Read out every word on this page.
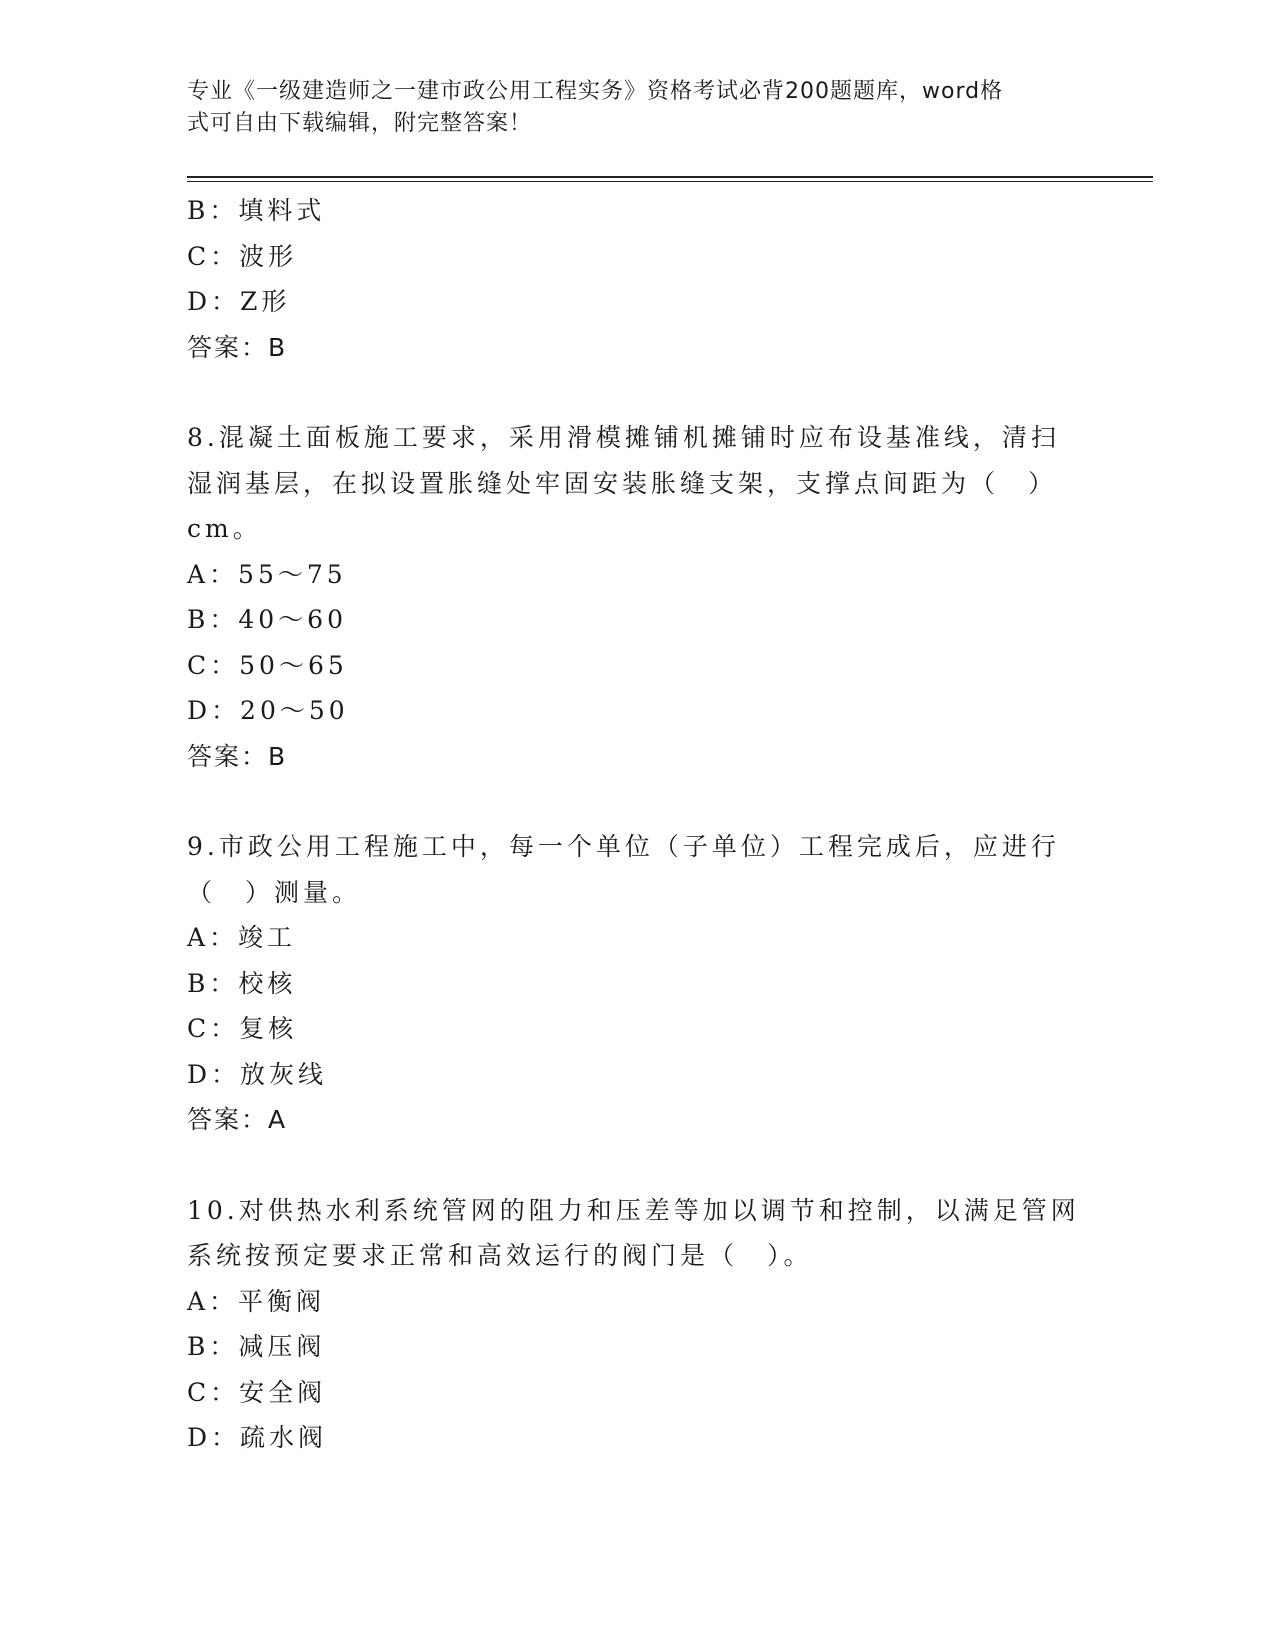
专业《一级建造师之一建市政公用工程实务》资格考试必背200题题库，word格
式可自由下载编辑，附完整答案！
B：填料式
C：波形
D：Z形
答案：B
8.混凝土面板施工要求，采用滑模摊铺机摊铺时应布设基准线，清扫
湿润基层，在拟设置胀缝处牢固安装胀缝支架，支撑点间距为（　）
cm。
A：55～75
B：40～60
C：50～65
D：20～50
答案：B
9.市政公用工程施工中，每一个单位（子单位）工程完成后，应进行
（　）测量。
A：竣工
B：校核
C：复核
D：放灰线
答案：A
10.对供热水利系统管网的阻力和压差等加以调节和控制，以满足管网
系统按预定要求正常和高效运行的阀门是（　）。
A：平衡阀
B：减压阀
C：安全阀
D：疏水阀
